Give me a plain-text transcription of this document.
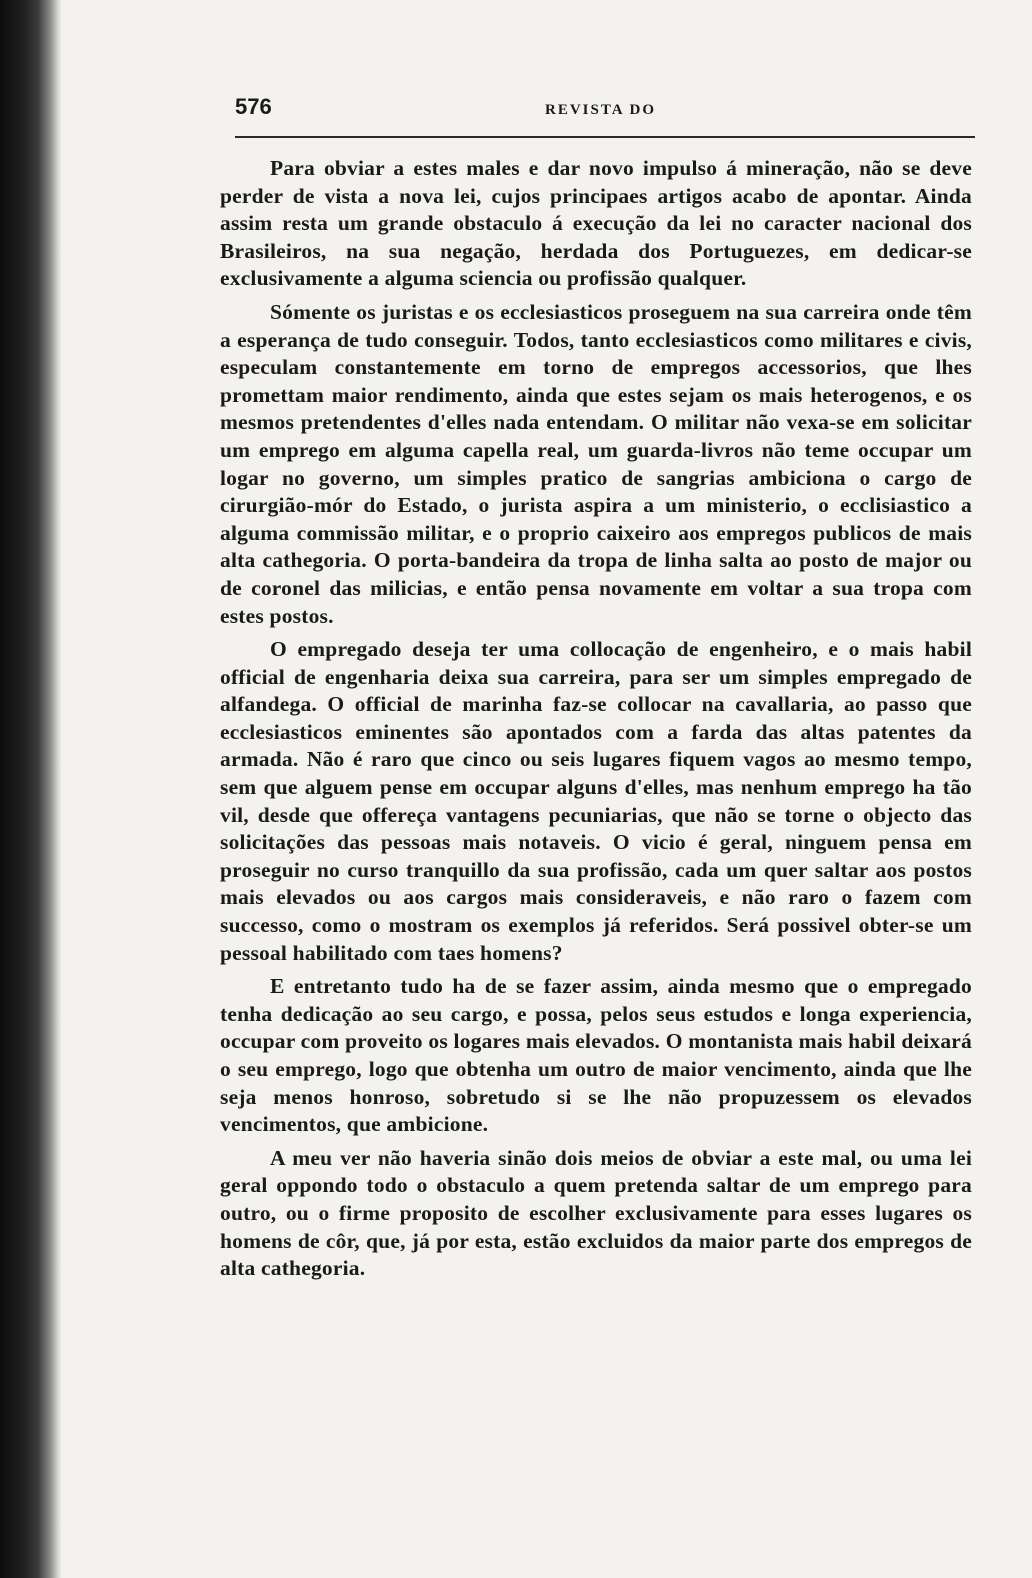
576	REVISTA DO

Para obviar a estes males e dar novo impulso á mineração, não se deve perder de vista a nova lei, cujos principaes artigos acabo de apontar. Ainda assim resta um grande obstaculo á execução da lei no caracter nacional dos Brasileiros, na sua negação, herdada dos Portuguezes, em dedicar-se exclusivamente a alguma sciencia ou profissão qualquer.

Sómente os juristas e os ecclesiasticos proseguem na sua carreira onde têm a esperança de tudo conseguir. Todos, tanto ecclesiasticos como militares e civis, especulam constantemente em torno de empregos accessorios, que lhes promettam maior rendimento, ainda que estes sejam os mais heterogenos, e os mesmos pretendentes d'elles nada entendam. O militar não vexa-se em solicitar um emprego em alguma capella real, um guarda-livros não teme occupar um logar no governo, um simples pratico de sangrias ambiciona o cargo de cirurgião-mór do Estado, o jurista aspira a um ministerio, o ecclisiastico a alguma commissão militar, e o proprio caixeiro aos empregos publicos de mais alta cathegoria. O porta-bandeira da tropa de linha salta ao posto de major ou de coronel das milicias, e então pensa novamente em voltar a sua tropa com estes postos.

O empregado deseja ter uma collocação de engenheiro, e o mais habil official de engenharia deixa sua carreira, para ser um simples empregado de alfandega. O official de marinha faz-se collocar na cavallaria, ao passo que ecclesiasticos eminentes são apontados com a farda das altas patentes da armada. Não é raro que cinco ou seis lugares fiquem vagos ao mesmo tempo, sem que alguem pense em occupar alguns d'elles, mas nenhum emprego ha tão vil, desde que offereça vantagens pecuniarias, que não se torne o objecto das solicitações das pessoas mais notaveis. O vicio é geral, ninguem pensa em proseguir no curso tranquillo da sua profissão, cada um quer saltar aos postos mais elevados ou aos cargos mais consideraveis, e não raro o fazem com successo, como o mostram os exemplos já referidos. Será possivel obter-se um pessoal habilitado com taes homens?

E entretanto tudo ha de se fazer assim, ainda mesmo que o empregado tenha dedicação ao seu cargo, e possa, pelos seus estudos e longa experiencia, occupar com proveito os logares mais elevados. O montanista mais habil deixará o seu emprego, logo que obtenha um outro de maior vencimento, ainda que lhe seja menos honroso, sobretudo si se lhe não propuzessem os elevados vencimentos, que ambicione.

A meu ver não haveria sinão dois meios de obviar a este mal, ou uma lei geral oppondo todo o obstaculo a quem pretenda saltar de um emprego para outro, ou o firme proposito de escolher exclusivamente para esses lugares os homens de côr, que, já por esta, estão excluidos da maior parte dos empregos de alta cathegoria.
